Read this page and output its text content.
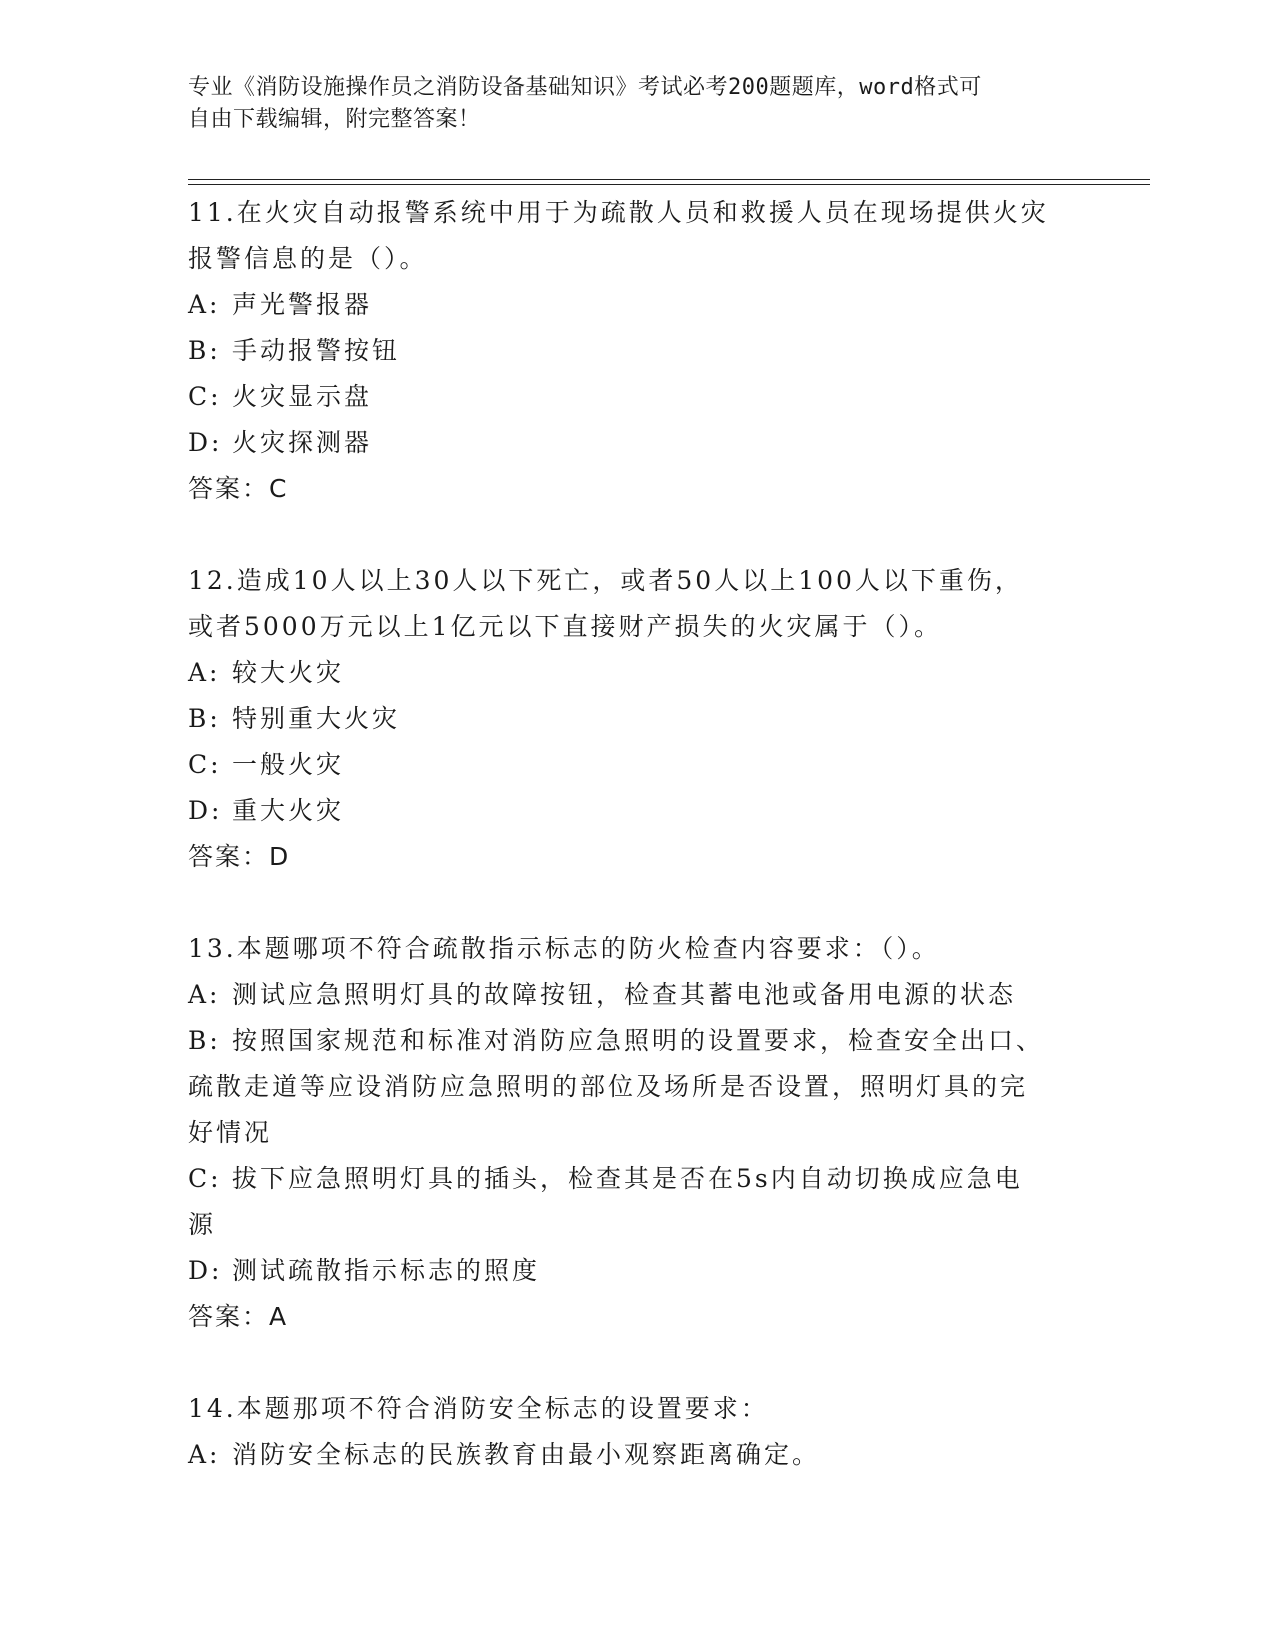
专业《消防设施操作员之消防设备基础知识》考试必考200题题库，word格式可
自由下载编辑，附完整答案！

11.在火灾自动报警系统中用于为疏散人员和救援人员在现场提供火灾

报警信息的是（）。

A: 声光警报器

B: 手动报警按钮

C: 火灾显示盘

D: 火灾探测器

答案：C

12.造成10人以上30人以下死亡，或者50人以上100人以下重伤，

或者5000万元以上1亿元以下直接财产损失的火灾属于（）。

A: 较大火灾

B: 特别重大火灾

C: 一般火灾

D: 重大火灾

答案：D

13.本题哪项不符合疏散指示标志的防火检查内容要求：（）。

A: 测试应急照明灯具的故障按钮，检查其蓄电池或备用电源的状态

B: 按照国家规范和标准对消防应急照明的设置要求，检查安全出口、

疏散走道等应设消防应急照明的部位及场所是否设置，照明灯具的完

好情况

C: 拔下应急照明灯具的插头，检查其是否在5s内自动切换成应急电

源

D: 测试疏散指示标志的照度

答案：A

14.本题那项不符合消防安全标志的设置要求：

A: 消防安全标志的民族教育由最小观察距离确定。
